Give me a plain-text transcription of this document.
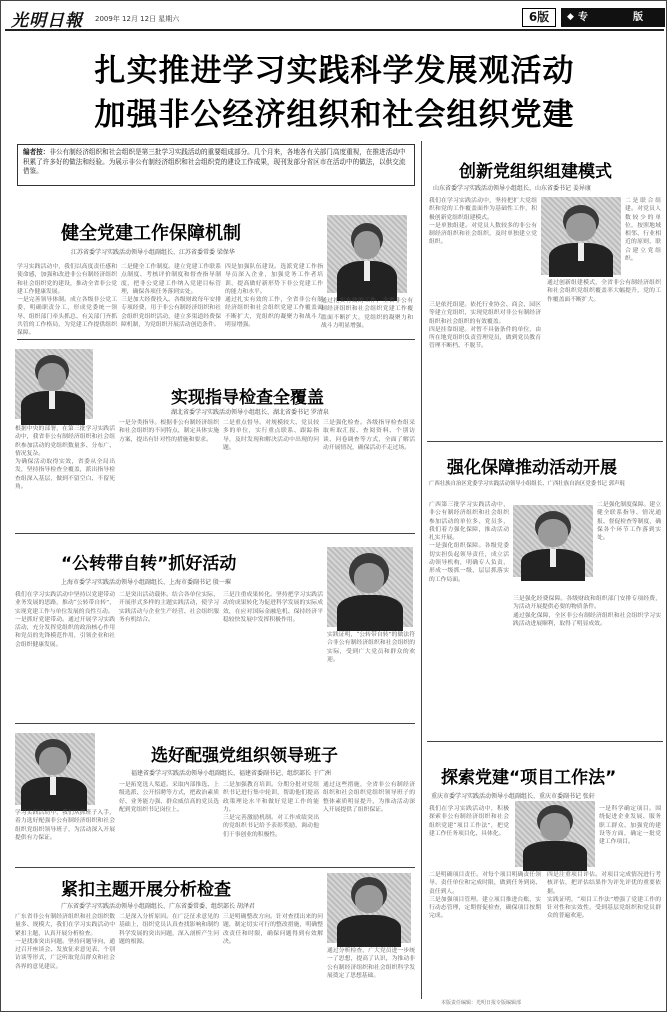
光明日報 2009年 12月 12日 星期六	6版	◆ 专	版
扎实推进学习实践科学发展观活动
加强非公经济组织和社会组织党建
编者按：非公有制经济组织和社会组织是第三批学习实践活动的重要组成部分。几个月来，各地各有关部门高度重视，在推进活动中积累了许多好的做法和经验。为展示非公有制经济组织和社会组织党的建设工作成果，现刊发部分省区市在活动中的做法，以供交流借鉴。
健全党建工作保障机制
江苏省委学习实践活动领导小组副组长、江苏省委常委 梁保华
学习实践活动中，我们以高度责任感和使命感，加强和改进非公有制经济组织和社会组织党的建设，推动全省非公党建工作健康发展。
一是完善领导体制。成立各级非公党工委，明确职责分工，形成党委统一领导、组织部门牵头抓总、有关部门齐抓共管的工作格局，为党建工作提供组织保障。
二是健全工作制度。建立党建工作联系点制度、考核评价制度和督查指导制度，把非公党建工作纳入党建目标管理，确保各项任务落到实处。
三是加大经费投入。各级财政每年安排专项经费，用于非公有制经济组织和社会组织党组织活动，建立多渠道经费保障机制，为党组织开展活动创造条件。
四是加强队伍建设。选派党建工作指导员深入企业，加强党务工作者培训，提高做好新形势下非公党建工作的能力和水平。
通过扎实有效的工作，全省非公有制经济组织和社会组织党建工作覆盖面不断扩大，党组织的凝聚力和战斗力明显增强。
通过扎实有效的工作，全省非公有制经济组织和社会组织党建工作覆盖面不断扩大，党组织的凝聚力和战斗力明显增强。
实现指导检查全覆盖
湖北省委学习实践活动领导小组组长、湖北省委书记 罗清泉
根据中央的部署，在第三批学习实践活动中，我省非公有制经济组织和社会组织参加活动的党组织数量多、分布广、情况复杂。
为确保活动取得实效，省委从全局出发，坚持指导检查全覆盖，派出指导检查组深入基层，做到不留空白、不留死角。
一是分类指导。根据非公有制经济组织和社会组织的不同特点，制定具体实施方案，提出有针对性的措施和要求。
二是重点督导。对规模较大、党员较多的单位，实行重点联系、跟踪指导，及时发现和解决活动中出现的问题。
三是强化检查。各级指导检查组采取听取汇报、查阅资料、个别访谈、问卷调查等方式，全面了解活动开展情况，确保活动不走过场。
“公转带自转”抓好活动
上海市委学习实践活动领导小组副组长、上海市委副书记 殷一璀
我们在学习实践活动中坚持以党建带动业务发展的思路，推动“公转带自转”，实现党建工作与单位发展的良性互动。
一是抓好党建带动。通过开展学习实践活动，充分发挥党组织的政治核心作用和党员的先锋模范作用，引领企业和社会组织健康发展。
二是突出活动载体。结合各单位实际，开展形式多样的主题实践活动，使学习实践活动与企业生产经营、社会组织服务有机结合。
三是注重成果转化。坚持把学习实践活动的成果转化为促进科学发展的实际成效，在应对国际金融危机、保持经济平稳较快发展中发挥积极作用。
实践证明，“公转带自转”的做法符合非公有制经济组织和社会组织的实际，受到广大党员和群众的欢迎。
选好配强党组织领导班子
福建省委学习实践活动领导小组副组长、福建省委副书记、组织部长 于广洲
学习实践活动中，我们从抓班子入手，着力选好配强非公有制经济组织和社会组织党组织领导班子，为活动深入开展提供有力保证。
一是拓宽选人渠道。采取内部推选、上级选派、公开招聘等方式，把政治素质好、业务能力强、群众威信高的党员选配到党组织书记岗位上。
二是加强教育培训。分期分批对党组织书记进行集中轮训，帮助他们提高政策理论水平和做好党建工作的能力。
三是完善激励机制。对工作成绩突出的党组织书记给予表彰奖励，调动他们干事创业的积极性。
通过这些措施，全省非公有制经济组织和社会组织党组织领导班子的整体素质明显提升，为推动活动深入开展提供了组织保证。
紧扣主题开展分析检查
广东省委学习实践活动领导小组副组长、广东省委常委、组织部长 胡泽君
广东省非公有制经济组织和社会组织数量多、规模大，我们在学习实践活动中紧扣主题，认真开展分析检查。
一是找准突出问题。坚持问题导向，通过召开座谈会、发放征求意见表、个别访谈等形式，广泛听取党员群众和社会各界的意见建议。
二是深入分析原因。在广泛征求意见的基础上，组织党员认真查找影响和制约科学发展的突出问题，深入剖析产生问题的根源。
三是明确整改方向。针对查找出来的问题，制定切实可行的整改措施，明确整改责任和时限，确保问题得到有效解决。
通过分析检查，广大党员进一步统一了思想，提高了认识，为推动非公有制经济组织和社会组织科学发展奠定了思想基础。
创新党组织组建模式
山东省委学习实践活动领导小组组长、山东省委书记 姜异康
我们在学习实践活动中，坚持把扩大党组织和党的工作覆盖面作为基础性工作，积极创新党组织组建模式。
一是单独组建。对党员人数较多的非公有制经济组织和社会组织，及时单独建立党组织。
二是联合组建。对党员人数较少的单位，按照地域相邻、行业相近的原则，联合建立党组织。
三是依托组建。依托行业协会、商会、园区等建立党组织，实现党组织对非公有制经济组织和社会组织的有效覆盖。
四是挂靠组建。对暂不具备条件的单位，由所在地党组织负责管理党员，做到党员教育管理不断档、不脱节。
通过创新组建模式，全省非公有制经济组织和社会组织党组织覆盖率大幅提升，党的工作覆盖面不断扩大。
强化保障推动活动开展
广西壮族自治区党委学习实践活动领导小组组长、广西壮族自治区党委书记 郭声琨
广西第三批学习实践活动中，非公有制经济组织和社会组织参加活动的单位多、党员多，我们着力强化保障，推动活动扎实开展。
一是强化组织保障。各级党委切实担负起领导责任，成立活动领导机构，明确专人负责，形成一级抓一级、层层抓落实的工作局面。
二是强化制度保障。建立健全联系指导、情况通报、督促检查等制度，确保各个环节工作落到实处。
三是强化经费保障。各级财政和组织部门安排专项经费，为活动开展提供必要的物质条件。
通过强化保障，全区非公有制经济组织和社会组织学习实践活动进展顺利，取得了明显成效。
探索党建“项目工作法”
重庆市委学习实践活动领导小组副组长、重庆市委副书记 张轩
我们在学习实践活动中，积极探索非公有制经济组织和社会组织党建“项目工作法”，把党建工作任务项目化、具体化。
一是科学确定项目。围绕促进企业发展、服务职工群众、加强党的建设等方面，确定一批党建工作项目。
二是明确项目责任。对每个项目明确责任领导、责任单位和完成时限，做到任务到岗、责任到人。
三是加强项目管理。建立项目推进台账，实行动态管理，定期督促检查，确保项目按期完成。
四是注重项目评估。对项目完成情况进行考核评估，把评估结果作为评先评优的重要依据。
实践证明，“项目工作法”增强了党建工作的针对性和实效性，受到基层党组织和党员群众的普遍欢迎。
本版责任编辑：光明日报专版编辑部
